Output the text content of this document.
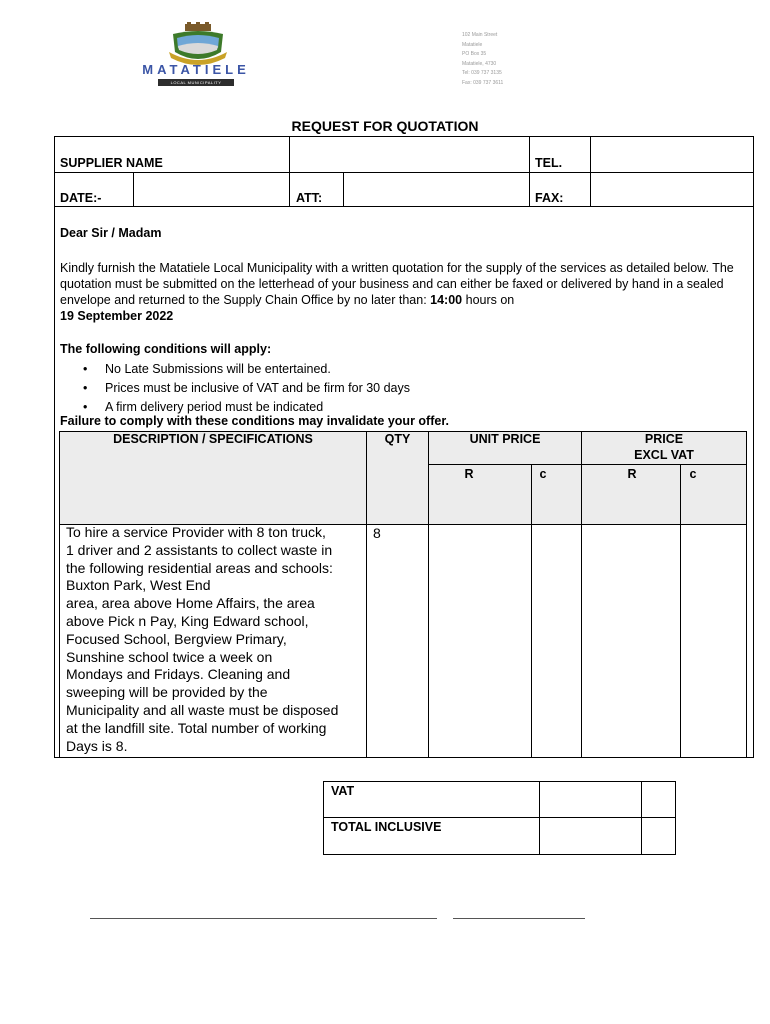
MATATIELE
LOCAL MUNICIPALITY
102 Main Street
Matatiele
PO Box 35
Matatiele, 4730
Tel: 039 737 3135
Fax: 039 737 3611
REQUEST FOR QUOTATION
SUPPLIER NAME	TEL.
DATE:-	ATT:	FAX:
Dear Sir / Madam
Kindly furnish the Matatiele Local Municipality with a written quotation for the supply of the services as detailed below. The quotation must be submitted on the letterhead of your business and can either be faxed or delivered by hand in a sealed envelope and returned to the Supply Chain Office by no later than: 14:00 hours on
19 September 2022
The following conditions will apply:
• No Late Submissions will be entertained.
• Prices must be inclusive of VAT and be firm for 30 days
• A firm delivery period must be indicated
Failure to comply with these conditions may invalidate your offer.
DESCRIPTION / SPECIFICATIONS	QTY	UNIT PRICE	PRICE
EXCL VAT
R	c	R	c
To hire a service Provider with 8 ton truck,
1 driver and 2 assistants to collect waste in
the following residential areas and schools:
Buxton Park, West End
area, area above Home Affairs, the area
above Pick n Pay, King Edward school,
Focused School, Bergview Primary,
Sunshine school twice a week on
Mondays and Fridays. Cleaning and
sweeping will be provided by the
Municipality and all waste must be disposed
at the landfill site. Total number of working
Days is 8.
8
VAT
TOTAL INCLUSIVE
